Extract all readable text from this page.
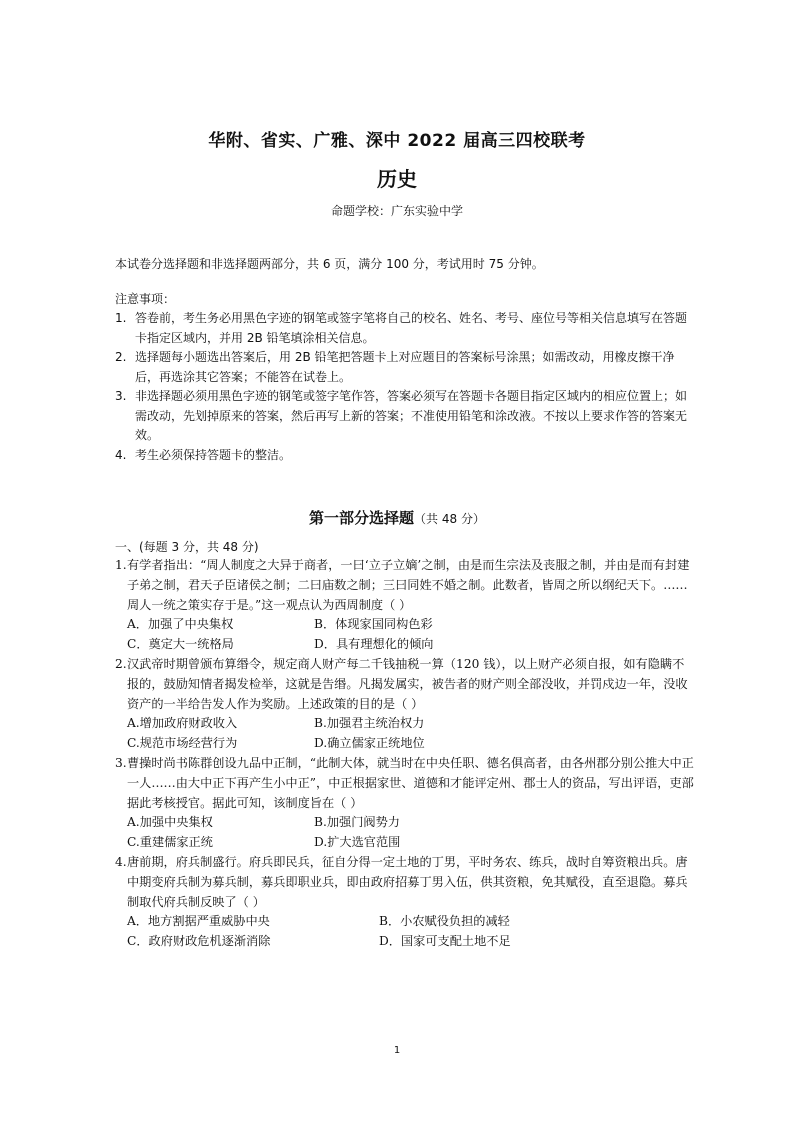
华附、省实、广雅、深中 2022 届高三四校联考
历史
命题学校：广东实验中学
本试卷分选择题和非选择题两部分，共 6 页，满分 100 分，考试用时 75 分钟。
注意事项：
1. 答卷前，考生务必用黑色字迹的钢笔或签字笔将自己的校名、姓名、考号、座位号等相关信息填写在答题卡指定区域内，并用 2B 铅笔填涂相关信息。
2. 选择题每小题选出答案后，用 2B 铅笔把答题卡上对应题目的答案标号涂黑；如需改动，用橡皮擦干净后，再选涂其它答案；不能答在试卷上。
3. 非选择题必须用黑色字迹的钢笔或签字笔作答，答案必须写在答题卡各题目指定区域内的相应位置上；如需改动，先划掉原来的答案，然后再写上新的答案；不准使用铅笔和涂改液。不按以上要求作答的答案无效。
4. 考生必须保持答题卡的整洁。
第一部分选择题（共 48 分）
一、(每题 3 分，共 48 分)
1. 有学者指出：“周人制度之大异于商者，一曰‘立子立嫡’之制，由是而生宗法及丧服之制，并由是而有封建子弟之制，君天子臣诸侯之制；二曰庙数之制；三曰同姓不婚之制。此数者，皆周之所以纲纪天下。……周人一统之策实存于是。”这一观点认为西周制度（ ）
A．加强了中央集权	B．体现家国同构色彩
C．奠定大一统格局	D．具有理想化的倾向
2. 汉武帝时期曾颁布算缗令，规定商人财产每二千钱抽税一算（120 钱），以上财产必须自报，如有隐瞒不报的，鼓励知情者揭发检举，这就是告缗。凡揭发属实，被告者的财产则全部没收，并罚戍边一年，没收资产的一半给告发人作为奖励。上述政策的目的是（ ）
A.增加政府财政收入	B.加强君主统治权力
C.规范市场经营行为	D.确立儒家正统地位
3. 曹操时尚书陈群创设九品中正制，“此制大体，就当时在中央任职、德名俱高者，由各州郡分别公推大中正一人……由大中正下再产生小中正”，中正根据家世、道德和才能评定州、郡士人的资品，写出评语，吏部据此考核授官。据此可知，该制度旨在（ ）
A.加强中央集权	B.加强门阀势力
C.重建儒家正统	D.扩大选官范围
4. 唐前期，府兵制盛行。府兵即民兵，征自分得一定土地的丁男，平时务农、练兵，战时自筹资粮出兵。唐中期变府兵制为募兵制，募兵即职业兵，即由政府招募丁男入伍，供其资粮，免其赋役，直至退隐。募兵制取代府兵制反映了（ ）
A．地方割据严重威胁中央	B．小农赋役负担的减轻
C．政府财政危机逐渐消除	D．国家可支配土地不足
1
